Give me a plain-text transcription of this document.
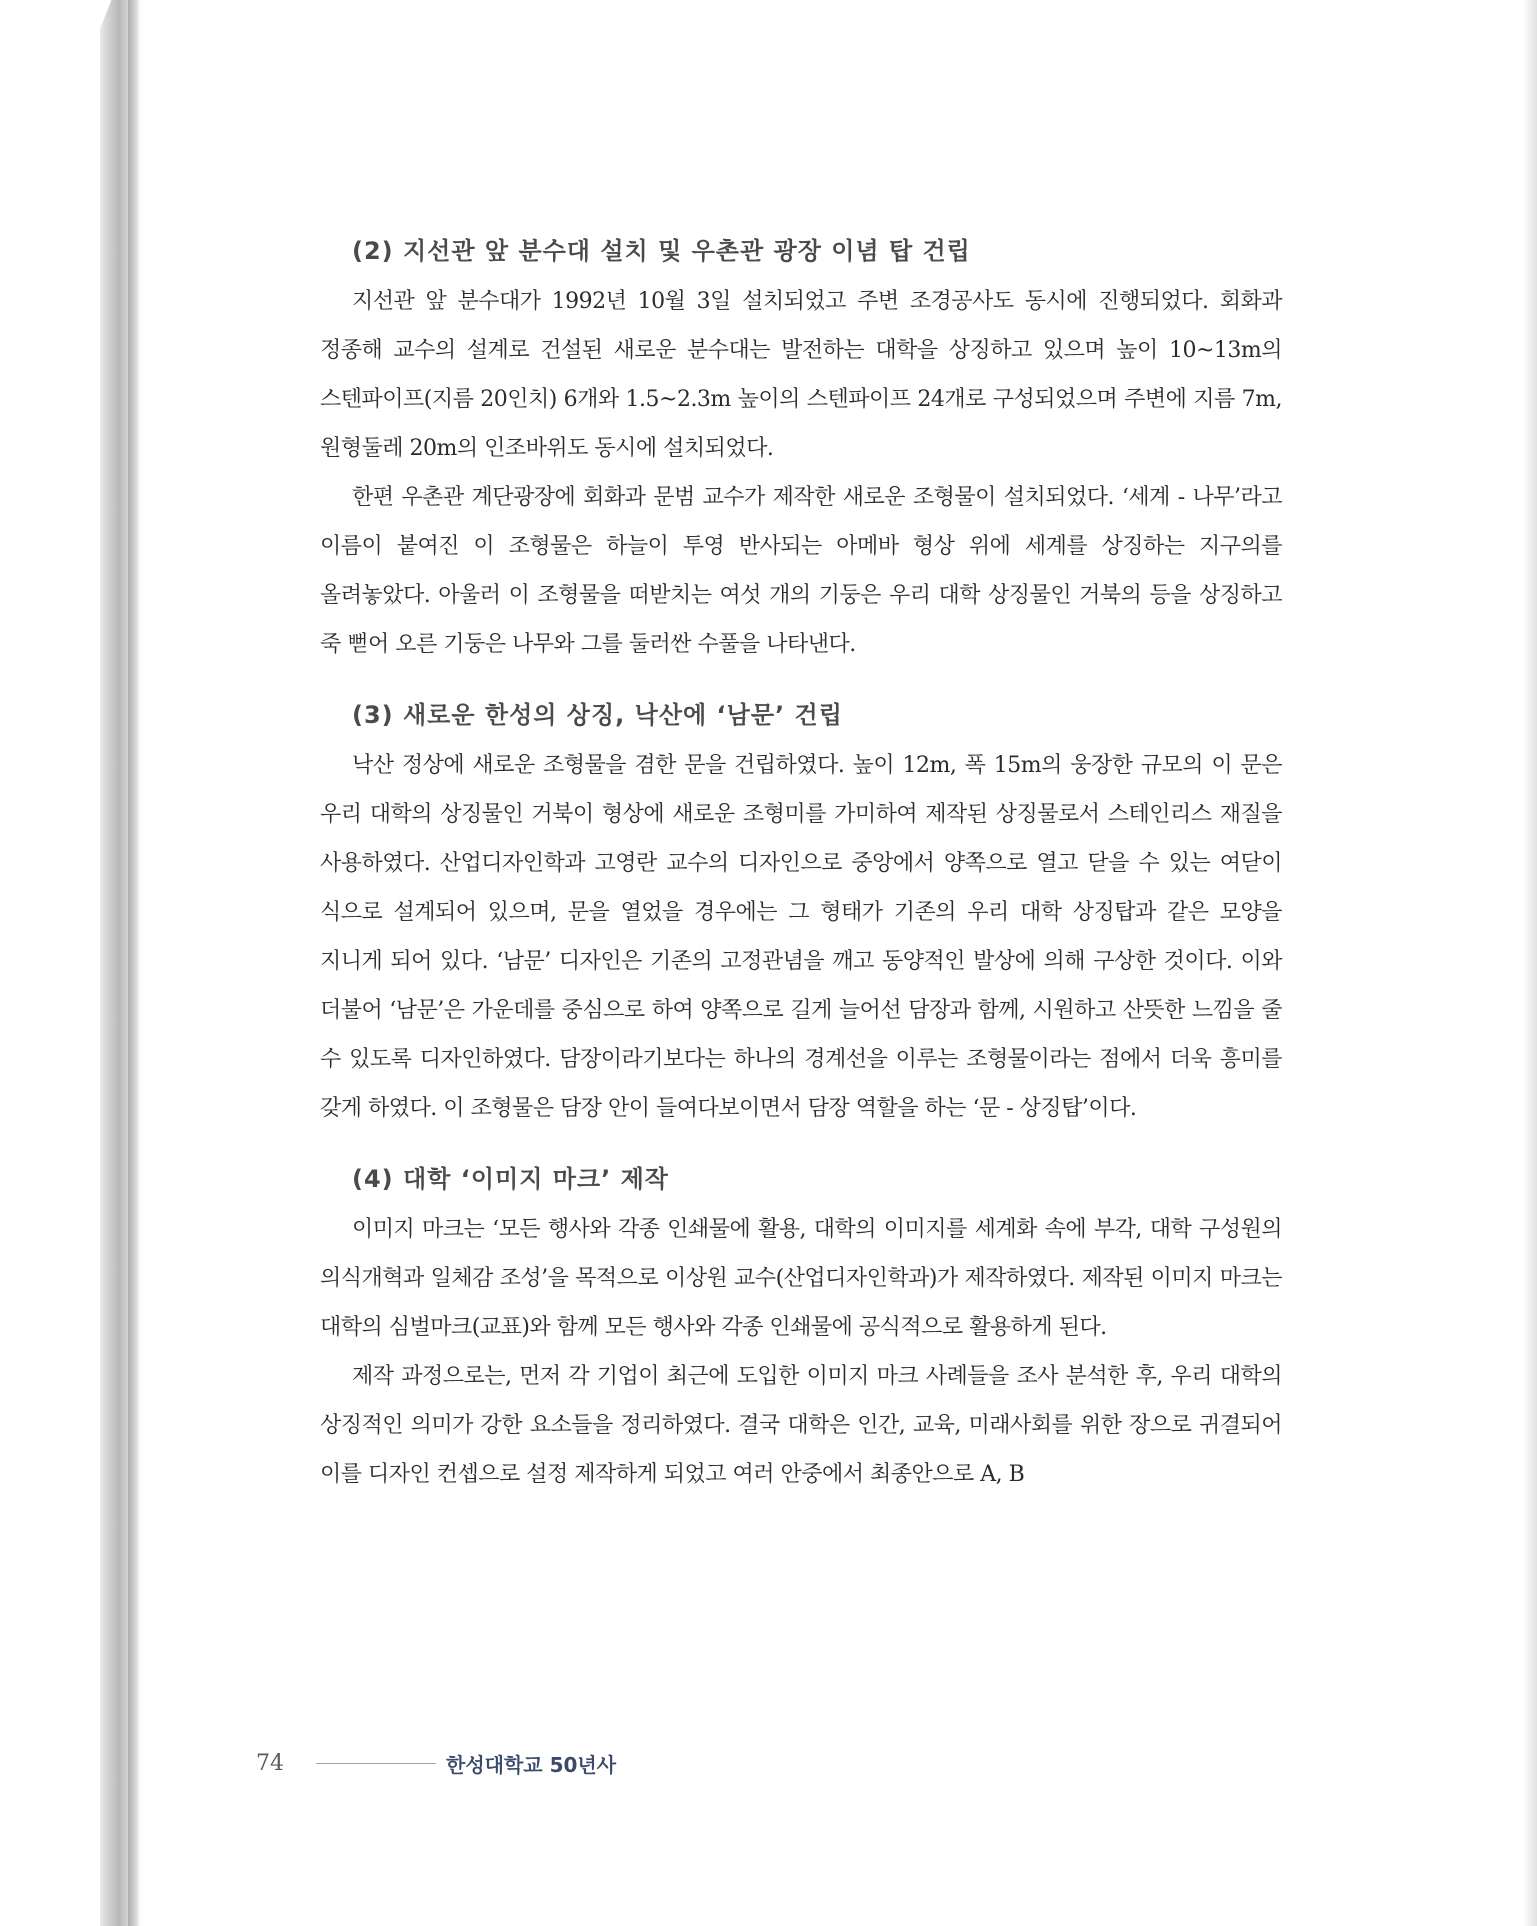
(2) 지선관 앞 분수대 설치 및 우촌관 광장 이념 탑 건립

지선관 앞 분수대가 1992년 10월 3일 설치되었고 주변 조경공사도 동시에 진행되었다. 회화과 정종해 교수의 설계로 건설된 새로운 분수대는 발전하는 대학을 상징하고 있으며 높이 10~13m의 스텐파이프(지름 20인치) 6개와 1.5~2.3m 높이의 스텐파이프 24개로 구성되었으며 주변에 지름 7m, 원형둘레 20m의 인조바위도 동시에 설치되었다.

한편 우촌관 계단광장에 회화과 문범 교수가 제작한 새로운 조형물이 설치되었다. ‘세계 - 나무’라고 이름이 붙여진 이 조형물은 하늘이 투영 반사되는 아메바 형상 위에 세계를 상징하는 지구의를 올려놓았다. 아울러 이 조형물을 떠받치는 여섯 개의 기둥은 우리 대학 상징물인 거북의 등을 상징하고 죽 뻗어 오른 기둥은 나무와 그를 둘러싼 수풀을 나타낸다.

(3) 새로운 한성의 상징, 낙산에 ‘남문’ 건립

낙산 정상에 새로운 조형물을 겸한 문을 건립하였다. 높이 12m, 폭 15m의 웅장한 규모의 이 문은 우리 대학의 상징물인 거북이 형상에 새로운 조형미를 가미하여 제작된 상징물로서 스테인리스 재질을 사용하였다. 산업디자인학과 고영란 교수의 디자인으로 중앙에서 양쪽으로 열고 닫을 수 있는 여닫이 식으로 설계되어 있으며, 문을 열었을 경우에는 그 형태가 기존의 우리 대학 상징탑과 같은 모양을 지니게 되어 있다. ‘남문’ 디자인은 기존의 고정관념을 깨고 동양적인 발상에 의해 구상한 것이다. 이와 더불어 ‘남문’은 가운데를 중심으로 하여 양쪽으로 길게 늘어선 담장과 함께, 시원하고 산뜻한 느낌을 줄 수 있도록 디자인하였다. 담장이라기보다는 하나의 경계선을 이루는 조형물이라는 점에서 더욱 흥미를 갖게 하였다. 이 조형물은 담장 안이 들여다보이면서 담장 역할을 하는 ‘문 - 상징탑’이다.

(4) 대학 ‘이미지 마크’ 제작

이미지 마크는 ‘모든 행사와 각종 인쇄물에 활용, 대학의 이미지를 세계화 속에 부각, 대학 구성원의 의식개혁과 일체감 조성’을 목적으로 이상원 교수(산업디자인학과)가 제작하였다. 제작된 이미지 마크는 대학의 심벌마크(교표)와 함께 모든 행사와 각종 인쇄물에 공식적으로 활용하게 된다.

제작 과정으로는, 먼저 각 기업이 최근에 도입한 이미지 마크 사례들을 조사 분석한 후, 우리 대학의 상징적인 의미가 강한 요소들을 정리하였다. 결국 대학은 인간, 교육, 미래사회를 위한 장으로 귀결되어 이를 디자인 컨셉으로 설정 제작하게 되었고 여러 안중에서 최종안으로 A, B

74	한성대학교 50년사
